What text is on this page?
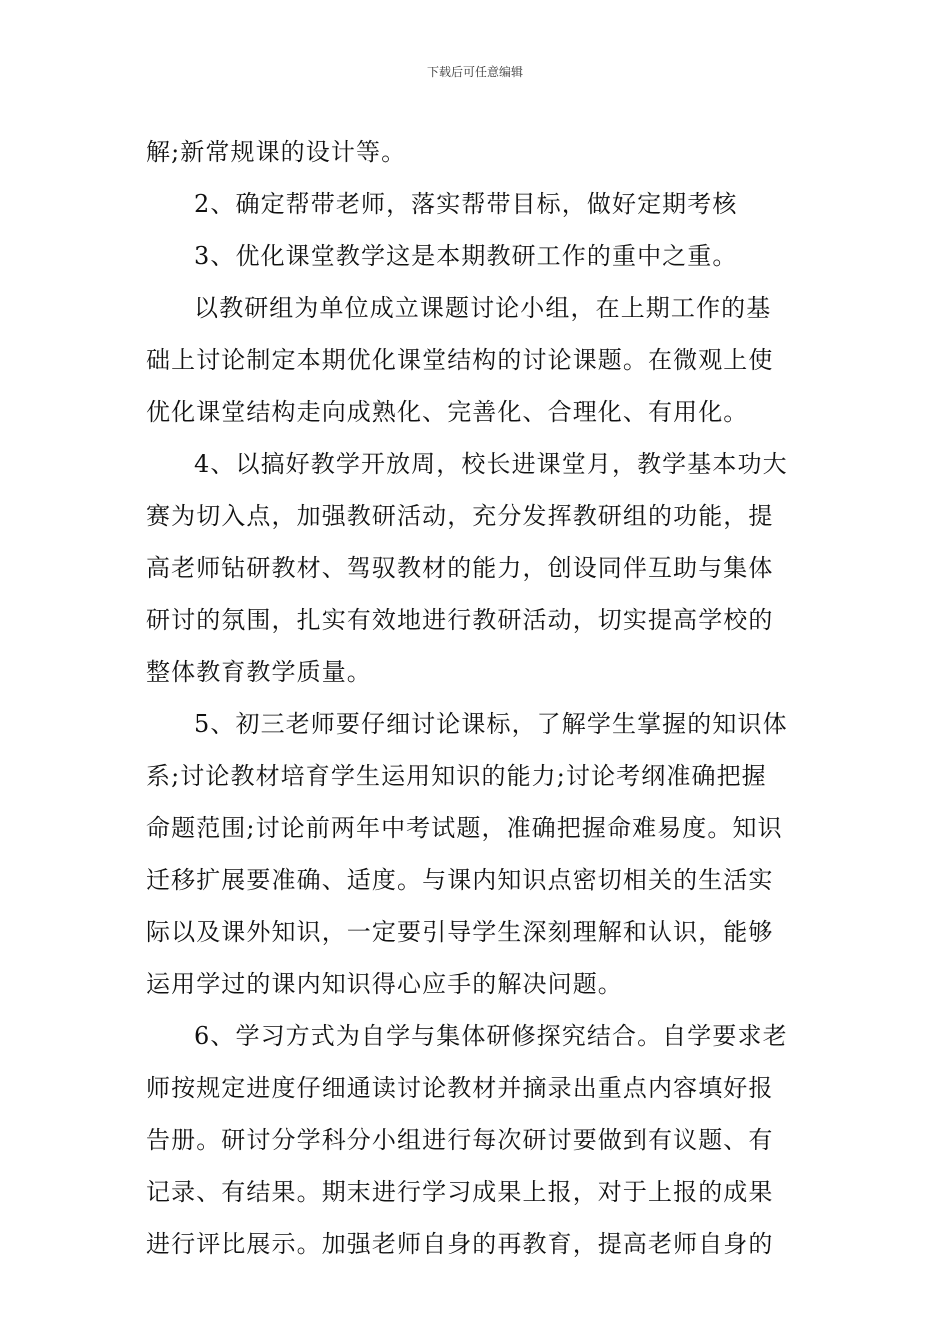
下载后可任意编辑
解;新常规课的设计等。
2、确定帮带老师，落实帮带目标，做好定期考核
3、优化课堂教学这是本期教研工作的重中之重。
以教研组为单位成立课题讨论小组，在上期工作的基
础上讨论制定本期优化课堂结构的讨论课题。在微观上使
优化课堂结构走向成熟化、完善化、合理化、有用化。
4、以搞好教学开放周，校长进课堂月，教学基本功大
赛为切入点，加强教研活动，充分发挥教研组的功能，提
高老师钻研教材、驾驭教材的能力，创设同伴互助与集体
研讨的氛围，扎实有效地进行教研活动，切实提高学校的
整体教育教学质量。
5、初三老师要仔细讨论课标，了解学生掌握的知识体
系;讨论教材培育学生运用知识的能力;讨论考纲准确把握
命题范围;讨论前两年中考试题，准确把握命难易度。知识
迁移扩展要准确、适度。与课内知识点密切相关的生活实
际以及课外知识，一定要引导学生深刻理解和认识，能够
运用学过的课内知识得心应手的解决问题。
6、学习方式为自学与集体研修探究结合。自学要求老
师按规定进度仔细通读讨论教材并摘录出重点内容填好报
告册。研讨分学科分小组进行每次研讨要做到有议题、有
记录、有结果。期末进行学习成果上报，对于上报的成果
进行评比展示。加强老师自身的再教育，提高老师自身的
